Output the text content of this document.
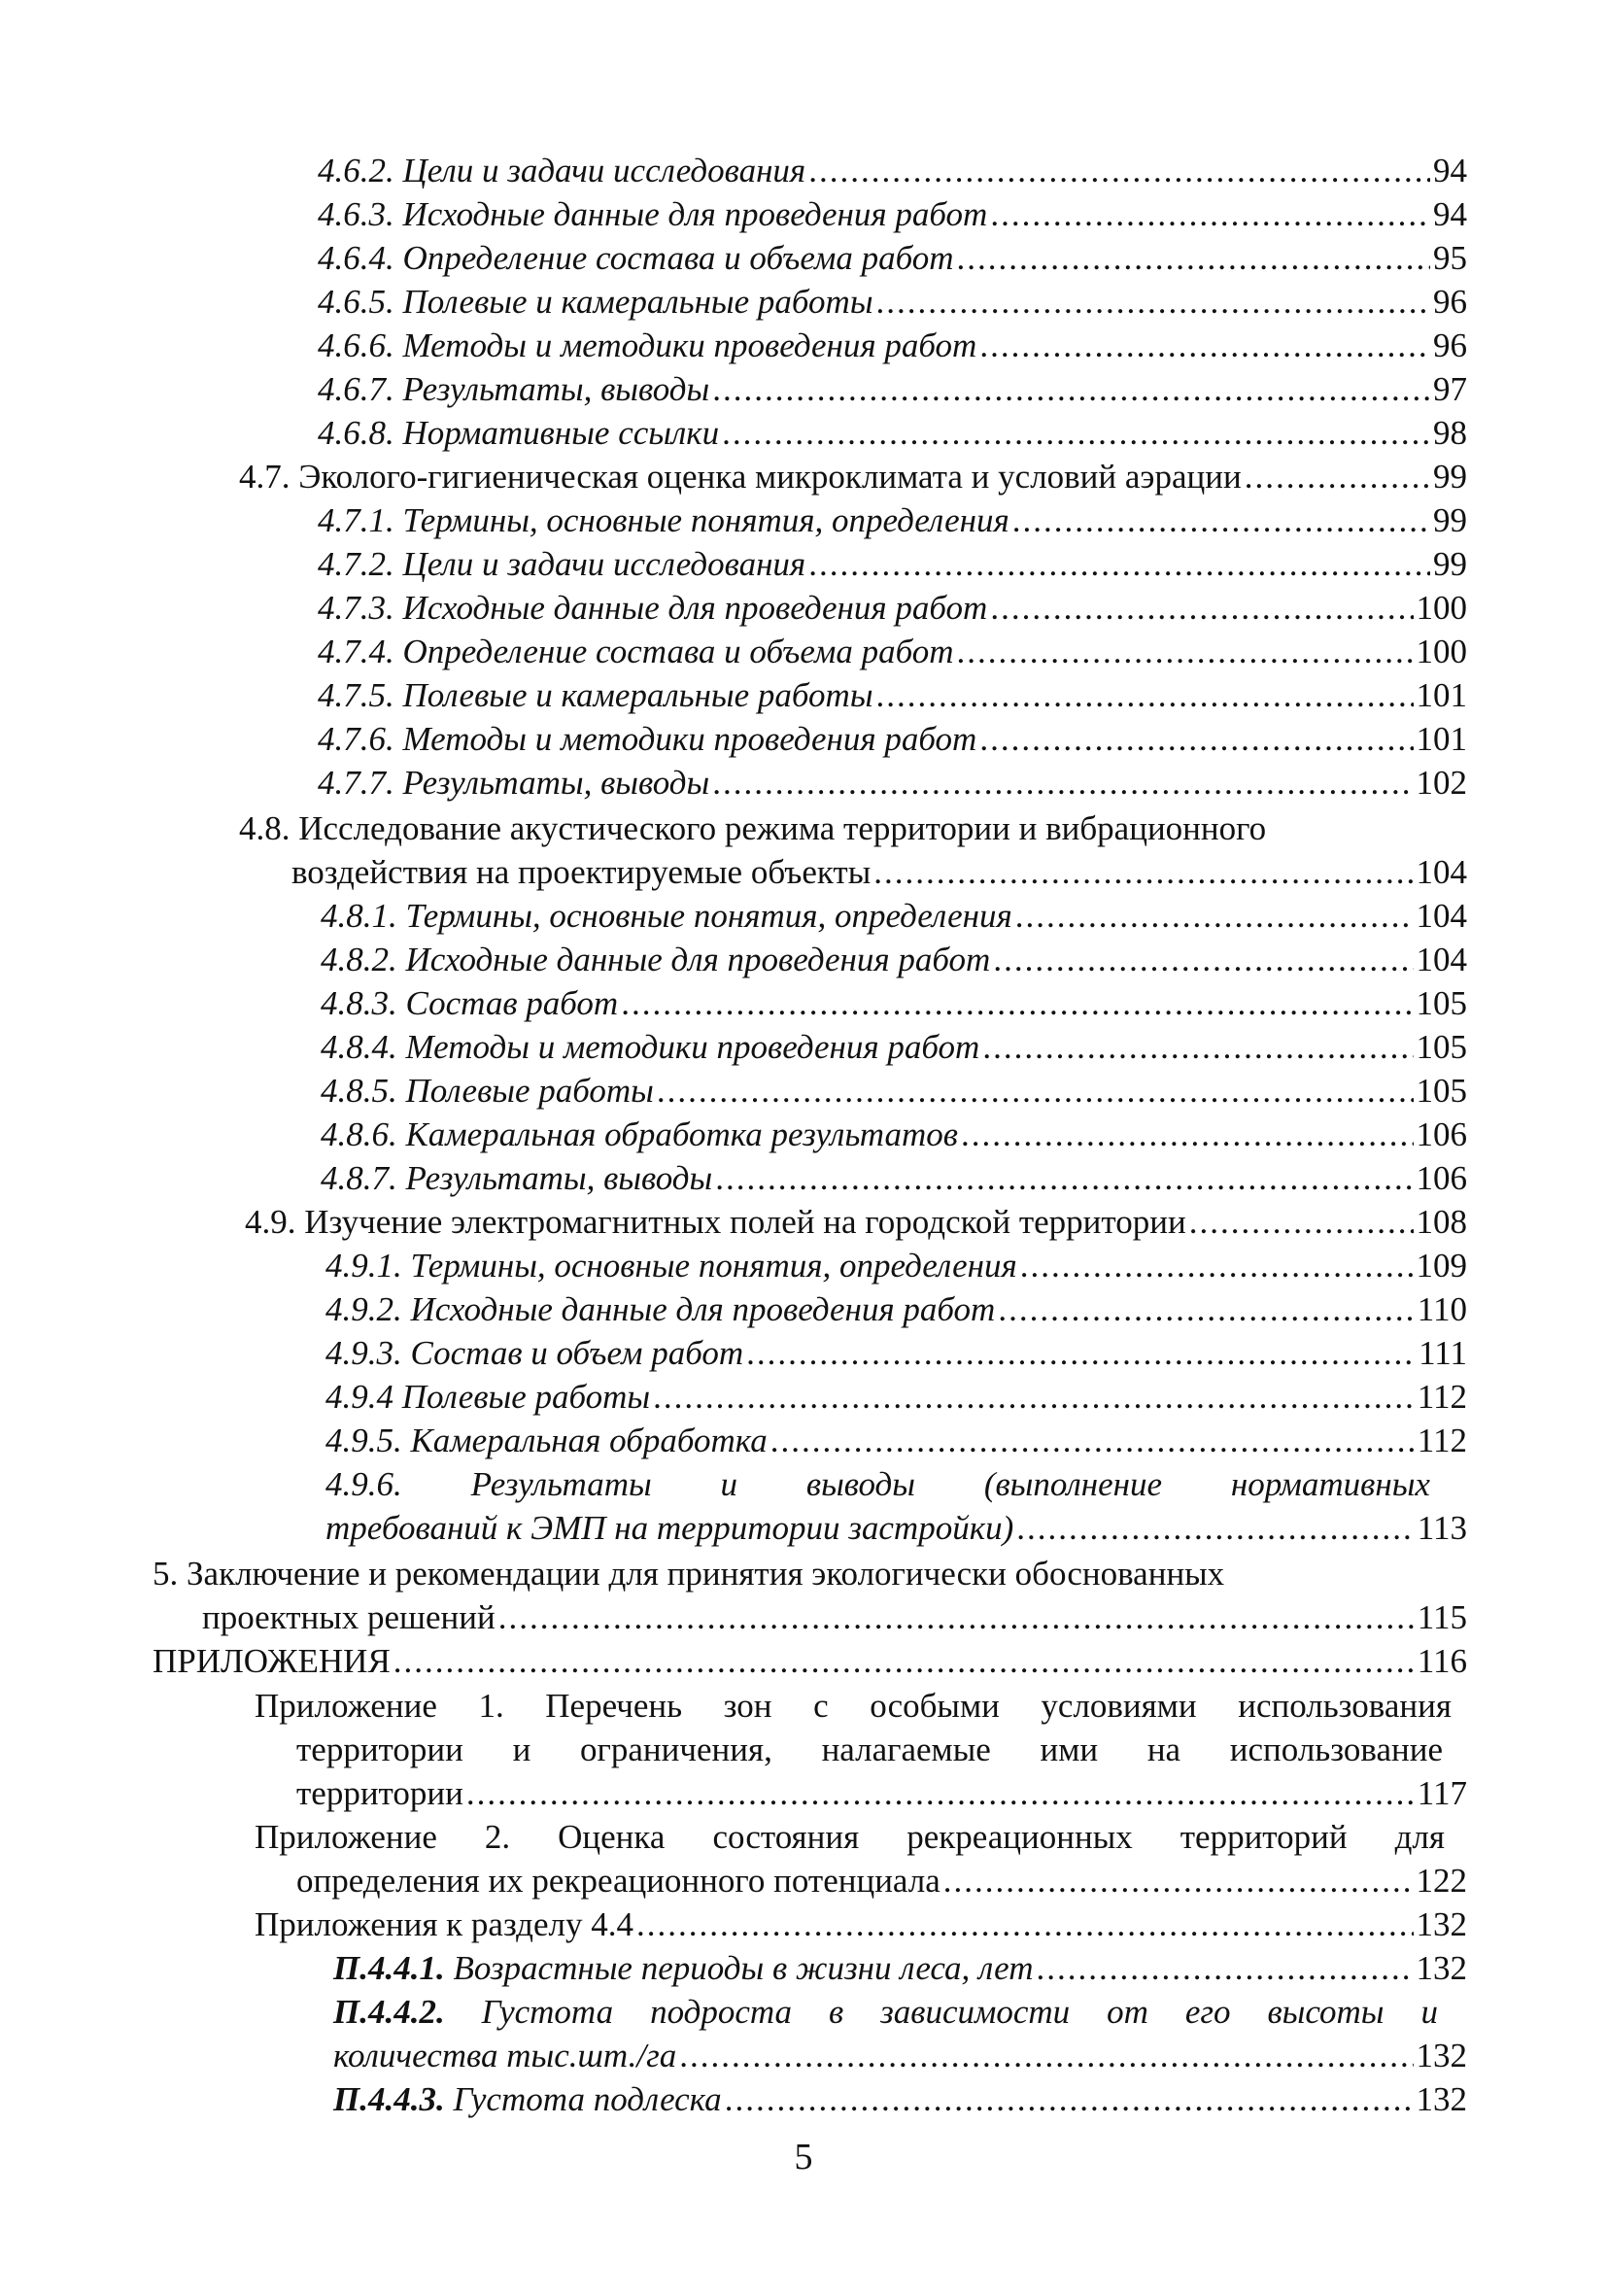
4.6.2. Цели и задачи исследования .....	94
4.6.3. Исходные данные для проведения работ .....	94
4.6.4. Определение состава и объема работ .....	95
4.6.5. Полевые и камеральные работы .....	96
4.6.6. Методы и методики проведения работ .....	96
4.6.7. Результаты, выводы .....	97
4.6.8. Нормативные ссылки .....	98
4.7. Эколого-гигиеническая оценка микроклимата и условий аэрации .....	99
4.7.1. Термины, основные понятия, определения .....	99
4.7.2. Цели и задачи исследования .....	99
4.7.3. Исходные данные для проведения работ .....	100
4.7.4. Определение состава и объема работ .....	100
4.7.5. Полевые и камеральные работы .....	101
4.7.6. Методы и методики проведения работ .....	101
4.7.7. Результаты, выводы .....	102
4.8. Исследование акустического режима территории и вибрационного
воздействия на проектируемые объекты .....	104
4.8.1. Термины, основные понятия, определения .....	104
4.8.2. Исходные данные для проведения работ .....	104
4.8.3. Состав работ .....	105
4.8.4. Методы и методики проведения работ .....	105
4.8.5. Полевые работы .....	105
4.8.6. Камеральная обработка результатов .....	106
4.8.7. Результаты, выводы .....	106
4.9. Изучение электромагнитных полей на городской территории .....	108
4.9.1. Термины, основные понятия, определения .....	109
4.9.2. Исходные данные для проведения работ .....	110
4.9.3. Состав и объем работ .....	111
4.9.4 Полевые работы .....	112
4.9.5. Камеральная обработка .....	112
4.9.6. Результаты и выводы (выполнение нормативных
требований к ЭМП на территории застройки) .....	113
5. Заключение и рекомендации для принятия экологически обоснованных
проектных решений .....	115
ПРИЛОЖЕНИЯ .....	116
Приложение 1. Перечень зон с особыми условиями использования
территории и ограничения, налагаемые ими на использование
территории .....	117
Приложение 2. Оценка состояния рекреационных территорий для
определения их рекреационного потенциала .....	122
Приложения к разделу 4.4 .....	132
П.4.4.1. Возрастные периоды в жизни леса, лет .....	132
П.4.4.2. Густота подроста в зависимости от его высоты и
количества тыс.шт./га .....	132
П.4.4.3. Густота подлеска .....	132
5
